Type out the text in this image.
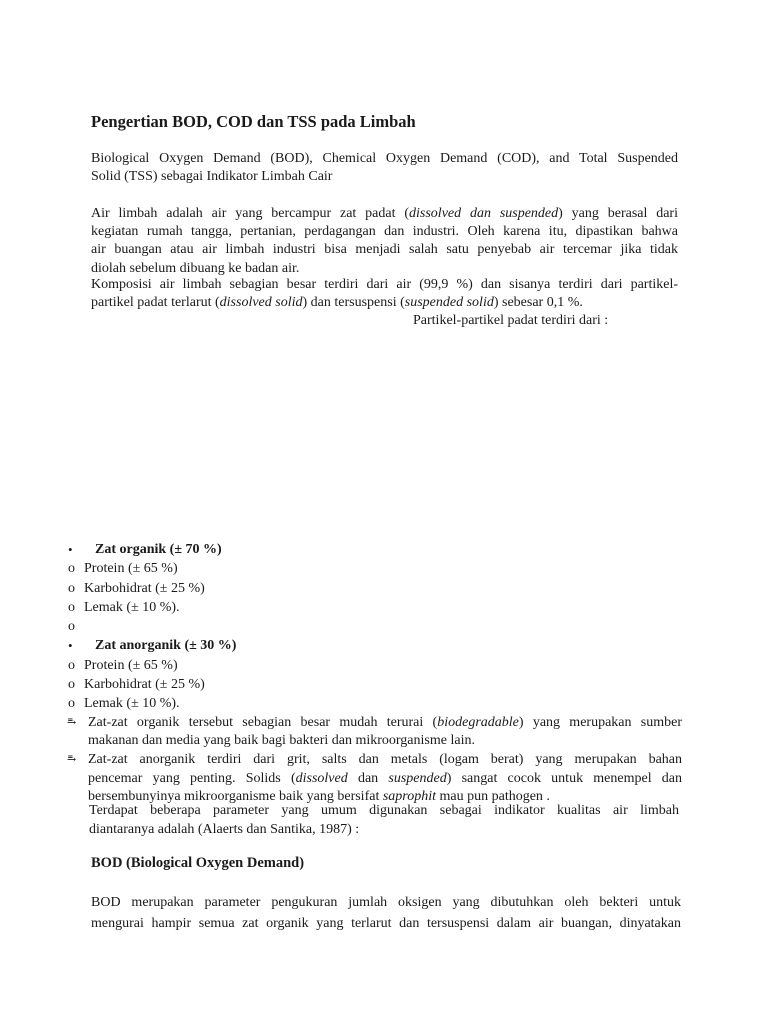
Pengertian BOD, COD dan TSS pada Limbah
Biological Oxygen Demand (BOD), Chemical Oxygen Demand (COD), and Total Suspended
Solid (TSS) sebagai Indikator Limbah Cair
Air limbah adalah air yang bercampur zat padat (dissolved dan suspended) yang berasal dari
kegiatan rumah tangga, pertanian, perdagangan dan industri. Oleh karena itu, dipastikan bahwa
air buangan atau air limbah industri bisa menjadi salah satu penyebab air tercemar jika tidak
diolah sebelum dibuang ke badan air.
Komposisi air limbah sebagian besar terdiri dari air (99,9 %) dan sisanya terdiri dari partikel-
partikel padat terlarut (dissolved solid) dan tersuspensi (suspended solid) sebesar 0,1 %.
Partikel-partikel padat terdiri dari :
• Zat organik (± 70 %)
o Protein (± 65 %)
o Karbohidrat (± 25 %)
o Lemak (± 10 %).
o
• Zat anorganik (± 30 %)
o Protein (± 65 %)
o Karbohidrat (± 25 %)
o Lemak (± 10 %).
⥱ Zat-zat organik tersebut sebagian besar mudah terurai (biodegradable) yang merupakan sumber
makanan dan media yang baik bagi bakteri dan mikroorganisme lain.
⥱ Zat-zat anorganik terdiri dari grit, salts dan metals (logam berat) yang merupakan bahan
pencemar yang penting. Solids (dissolved dan suspended) sangat cocok untuk menempel dan
bersembunyinya mikroorganisme baik yang bersifat saprophit mau pun pathogen .
Terdapat beberapa parameter yang umum digunakan sebagai indikator kualitas air limbah
diantaranya adalah (Alaerts dan Santika, 1987) :
BOD (Biological Oxygen Demand)
BOD merupakan parameter pengukuran jumlah oksigen yang dibutuhkan oleh bekteri untuk
mengurai hampir semua zat organik yang terlarut dan tersuspensi dalam air buangan, dinyatakan
